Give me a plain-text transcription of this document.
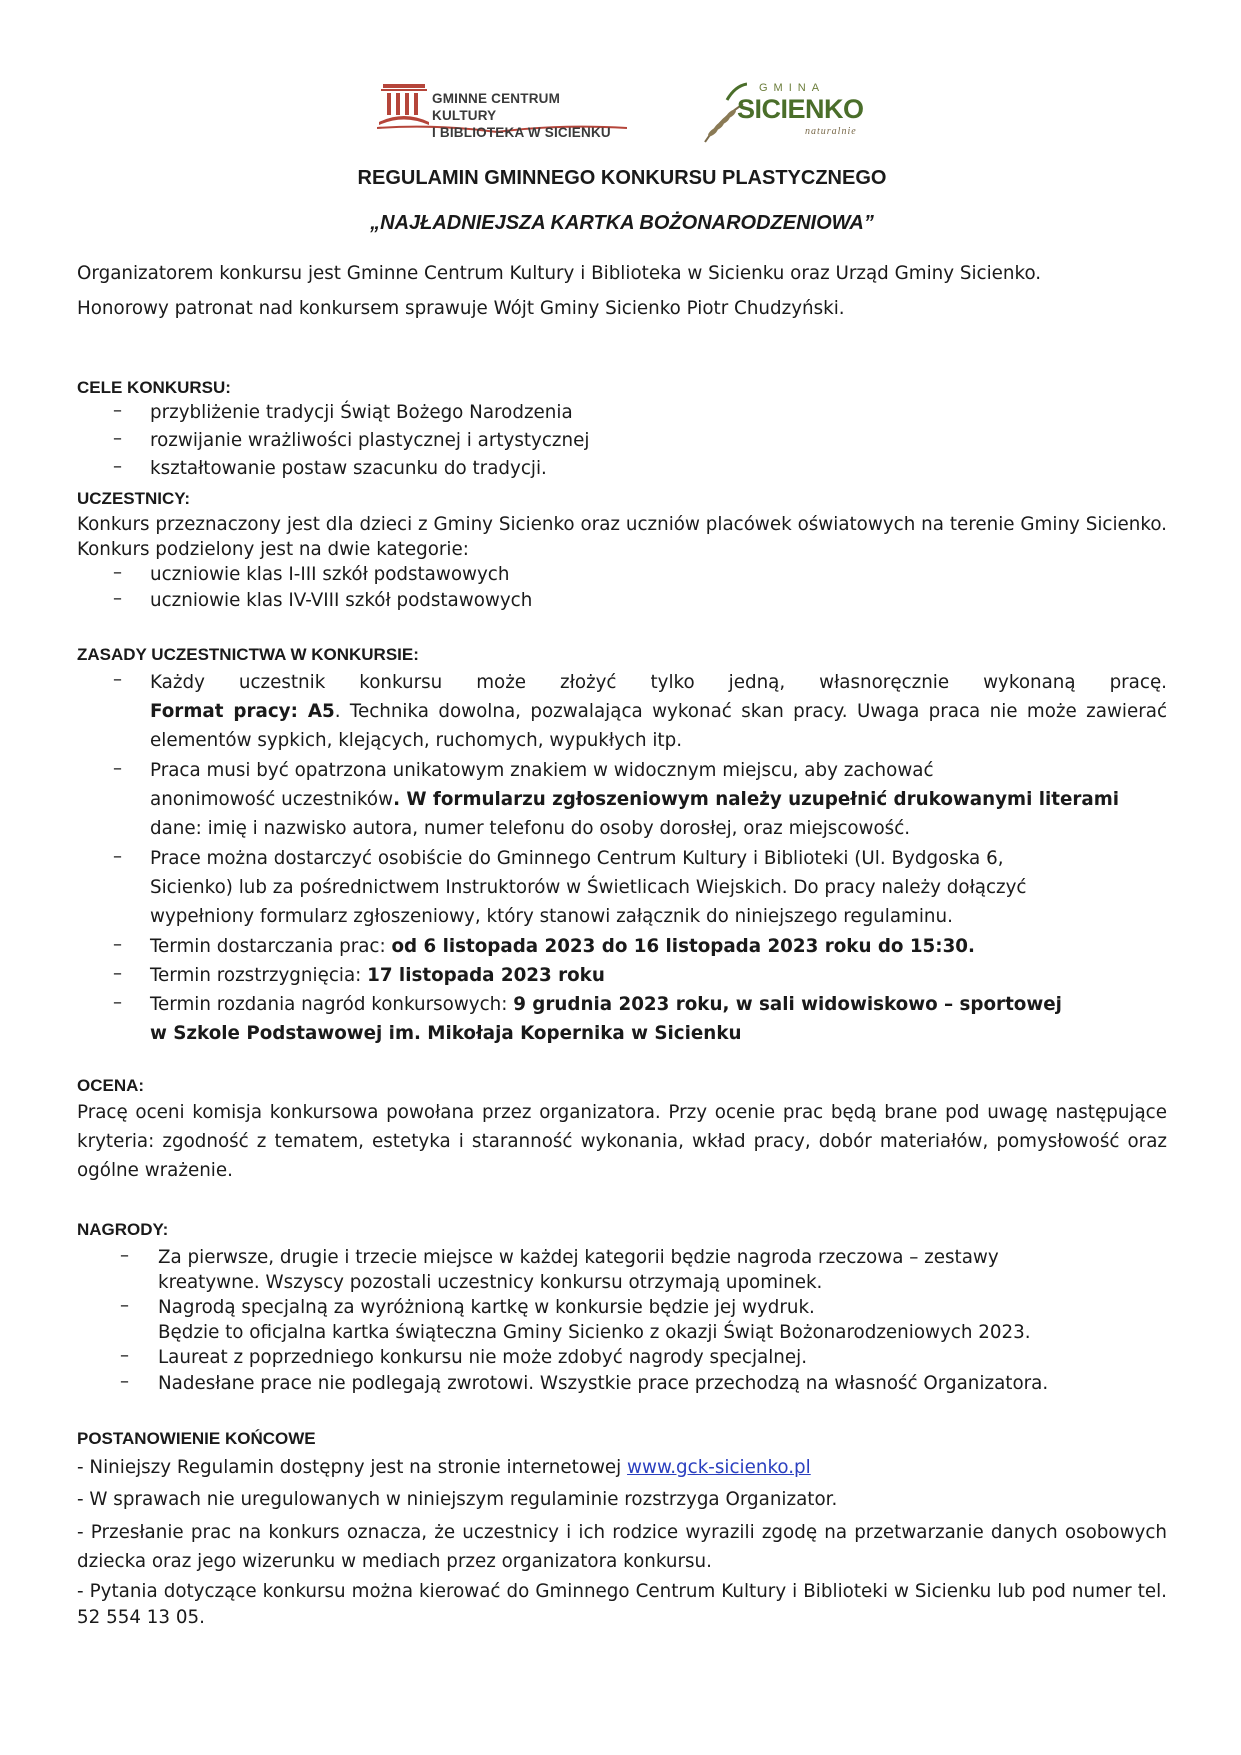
GMINNE CENTRUM KULTURY
I BIBLIOTEKA W SICIENKU
GMINA
SICIENKO
naturalnie
REGULAMIN GMINNEGO KONKURSU PLASTYCZNEGO
„NAJŁADNIEJSZA KARTKA BOŻONARODZENIOWA”

Organizatorem konkursu jest Gminne Centrum Kultury i Biblioteka w Sicienku oraz Urząd Gminy Sicienko.

Honorowy patronat nad konkursem sprawuje Wójt Gminy Sicienko Piotr Chudzyński.

CELE KONKURSU:

– przybliżenie tradycji Świąt Bożego Narodzenia

– rozwijanie wrażliwości plastycznej i artystycznej

– kształtowanie postaw szacunku do tradycji.

UCZESTNICY:

Konkurs przeznaczony jest dla dzieci z Gminy Sicienko oraz uczniów placówek oświatowych na terenie Gminy Sicienko. Konkurs podzielony jest na dwie kategorie:

– uczniowie klas I-III szkół podstawowych

– uczniowie klas IV-VIII szkół podstawowych

ZASADY UCZESTNICTWA W KONKURSIE:

– Każdy uczestnik konkursu może złożyć tylko jedną, własnoręcznie wykonaną pracę.

Format pracy: A5. Technika dowolna, pozwalająca wykonać skan pracy. Uwaga praca nie może zawierać elementów sypkich, klejących, ruchomych, wypukłych itp.

– Praca musi być opatrzona unikatowym znakiem w widocznym miejscu, aby zachować

anonimowość uczestników. W formularzu zgłoszeniowym należy uzupełnić drukowanymi literami

dane: imię i nazwisko autora, numer telefonu do osoby dorosłej, oraz miejscowość.

– Prace można dostarczyć osobiście do Gminnego Centrum Kultury i Biblioteki (Ul. Bydgoska 6,

Sicienko) lub za pośrednictwem Instruktorów w Świetlicach Wiejskich. Do pracy należy dołączyć

wypełniony formularz zgłoszeniowy, który stanowi załącznik do niniejszego regulaminu.

– Termin dostarczania prac: od 6 listopada 2023 do 16 listopada 2023 roku do 15:30.

– Termin rozstrzygnięcia: 17 listopada 2023 roku

– Termin rozdania nagród konkursowych: 9 grudnia 2023 roku, w sali widowiskowo – sportowej

w Szkole Podstawowej im. Mikołaja Kopernika w Sicienku

OCENA:

Pracę oceni komisja konkursowa powołana przez organizatora. Przy ocenie prac będą brane pod uwagę następujące kryteria: zgodność z tematem, estetyka i staranność wykonania, wkład pracy, dobór materiałów, pomysłowość oraz ogólne wrażenie.

NAGRODY:

– Za pierwsze, drugie i trzecie miejsce w każdej kategorii będzie nagroda rzeczowa – zestawy

kreatywne. Wszyscy pozostali uczestnicy konkursu otrzymają upominek.

– Nagrodą specjalną za wyróżnioną kartkę w konkursie będzie jej wydruk.

Będzie to oficjalna kartka świąteczna Gminy Sicienko z okazji Świąt Bożonarodzeniowych 2023.

– Laureat z poprzedniego konkursu nie może zdobyć nagrody specjalnej.

– Nadesłane prace nie podlegają zwrotowi. Wszystkie prace przechodzą na własność Organizatora.

POSTANOWIENIE KOŃCOWE

- Niniejszy Regulamin dostępny jest na stronie internetowej www.gck-sicienko.pl

- W sprawach nie uregulowanych w niniejszym regulaminie rozstrzyga Organizator.

- Przesłanie prac na konkurs oznacza, że uczestnicy i ich rodzice wyrazili zgodę na przetwarzanie danych osobowych dziecka oraz jego wizerunku w mediach przez organizatora konkursu.

- Pytania dotyczące konkursu można kierować do Gminnego Centrum Kultury i Biblioteki w Sicienku lub pod numer tel. 52 554 13 05.
